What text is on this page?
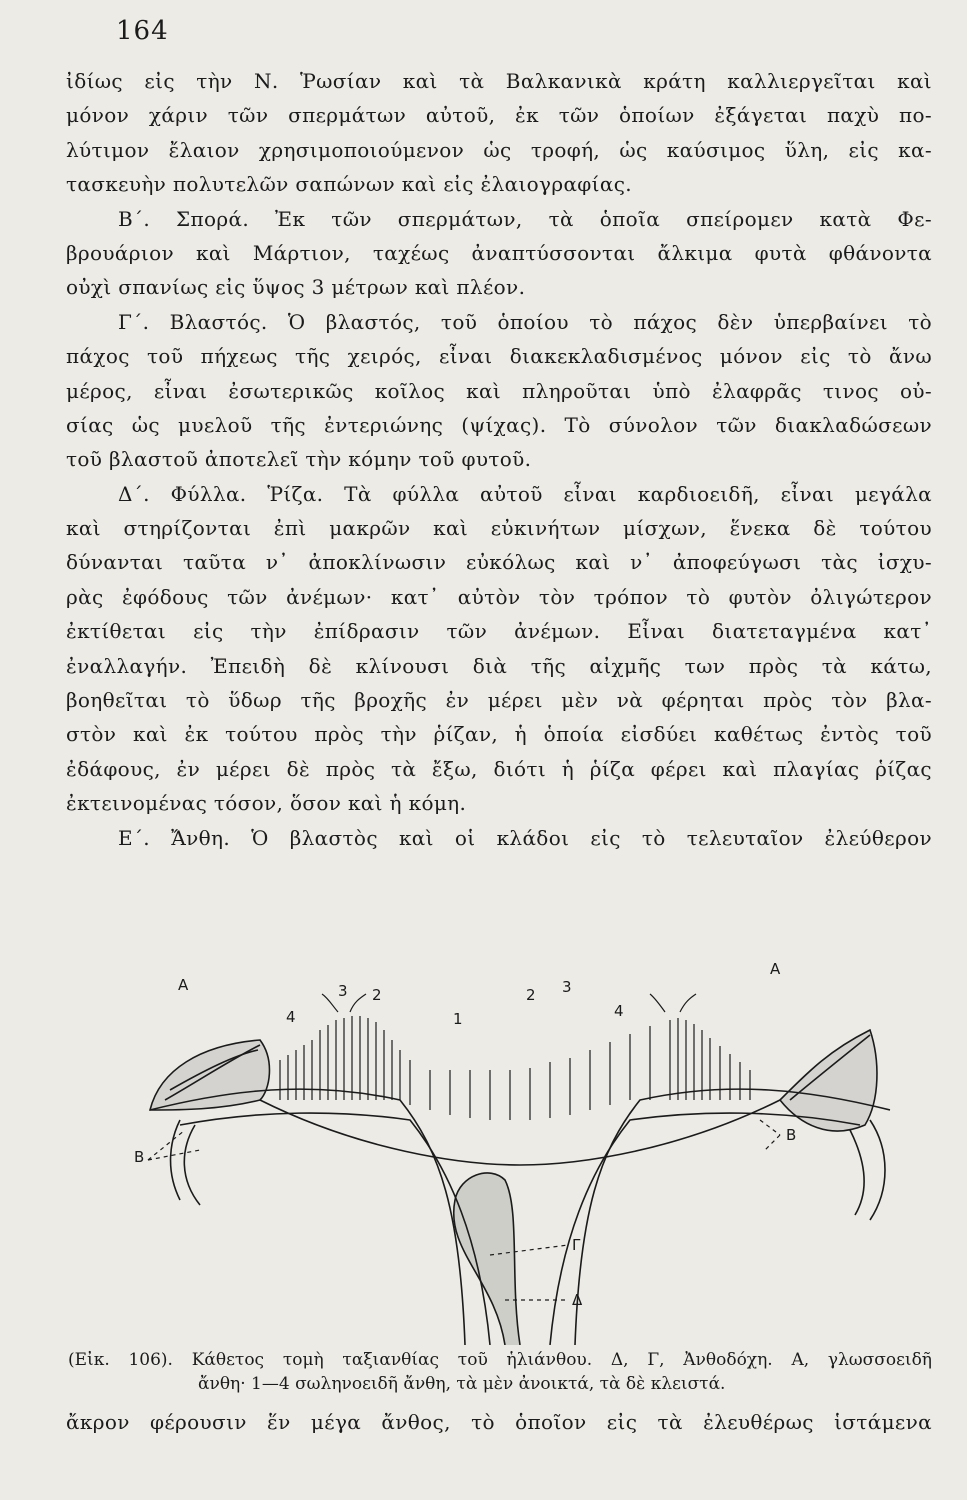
164
ἰδίως εἰς τὴν Ν. Ῥωσίαν καὶ τὰ Βαλκανικὰ κράτη καλλιεργεῖται καὶ
μόνον χάριν τῶν σπερμάτων αὐτοῦ, ἐκ τῶν ὁποίων ἐξάγεται παχὺ πο-
λύτιμον ἔλαιον χρησιμοποιούμενον ὡς τροφή, ὡς καύσιμος ὕλη, εἰς κα-
τασκευὴν πολυτελῶν σαπώνων καὶ εἰς ἐλαιογραφίας.
Β΄. Σπορά. Ἐκ τῶν σπερμάτων, τὰ ὁποῖα σπείρομεν κατὰ Φε-
βρουάριον καὶ Μάρτιον, ταχέως ἀναπτύσσονται ἄλκιμα φυτὰ φθάνοντα
οὐχὶ σπανίως εἰς ὕψος 3 μέτρων καὶ πλέον.
Γ΄. Βλαστός. Ὁ βλαστός, τοῦ ὁποίου τὸ πάχος δὲν ὑπερβαίνει τὸ
πάχος τοῦ πήχεως τῆς χειρός, εἶναι διακεκλαδισμένος μόνον εἰς τὸ ἄνω
μέρος, εἶναι ἐσωτερικῶς κοῖλος καὶ πληροῦται ὑπὸ ἐλαφρᾶς τινος οὐ-
σίας ὡς μυελοῦ τῆς ἐντεριώνης (ψίχας). Τὸ σύνολον τῶν διακλαδώσεων
τοῦ βλαστοῦ ἀποτελεῖ τὴν κόμην τοῦ φυτοῦ.
Δ΄. Φύλλα. Ῥίζα. Τὰ φύλλα αὐτοῦ εἶναι καρδιοειδῆ, εἶναι μεγάλα
καὶ στηρίζονται ἐπὶ μακρῶν καὶ εὐκινήτων μίσχων, ἕνεκα δὲ τούτου
δύνανται ταῦτα ν᾽ ἀποκλίνωσιν εὐκόλως καὶ ν᾽ ἀποφεύγωσι τὰς ἰσχυ-
ρὰς ἐφόδους τῶν ἀνέμων· κατ᾽ αὐτὸν τὸν τρόπον τὸ φυτὸν ὀλιγώτερον
ἐκτίθεται εἰς τὴν ἐπίδρασιν τῶν ἀνέμων. Εἶναι διατεταγμένα κατ᾽
ἐναλλαγήν. Ἐπειδὴ δὲ κλίνουσι διὰ τῆς αἰχμῆς των πρὸς τὰ κάτω,
βοηθεῖται τὸ ὕδωρ τῆς βροχῆς ἐν μέρει μὲν νὰ φέρηται πρὸς τὸν βλα-
στὸν καὶ ἐκ τούτου πρὸς τὴν ῥίζαν, ἡ ὁποία εἰσδύει καθέτως ἐντὸς τοῦ
ἐδάφους, ἐν μέρει δὲ πρὸς τὰ ἔξω, διότι ἡ ῥίζα φέρει καὶ πλαγίας ῥίζας
ἐκτεινομένας τόσον, ὅσον καὶ ἡ κόμη.
Ε΄. Ἄνθη. Ὁ βλαστὸς καὶ οἱ κλάδοι εἰς τὸ τελευταῖον ἐλεύθερον
A
A
B
B
Γ
Δ
1
2
3
4
2 3
4
(Εἰκ. 106). Κάθετος τομὴ ταξιανθίας τοῦ ἡλιάνθου. Δ, Γ, Ἀνθοδόχη. Α, γλωσσοειδῆ
ἄνθη· 1—4 σωληνοειδῆ ἄνθη, τὰ μὲν ἀνοικτά, τὰ δὲ κλειστά.
ἄκρον φέρουσιν ἕν μέγα ἄνθος, τὸ ὁποῖον εἰς τὰ ἐλευθέρως ἱστάμενα
